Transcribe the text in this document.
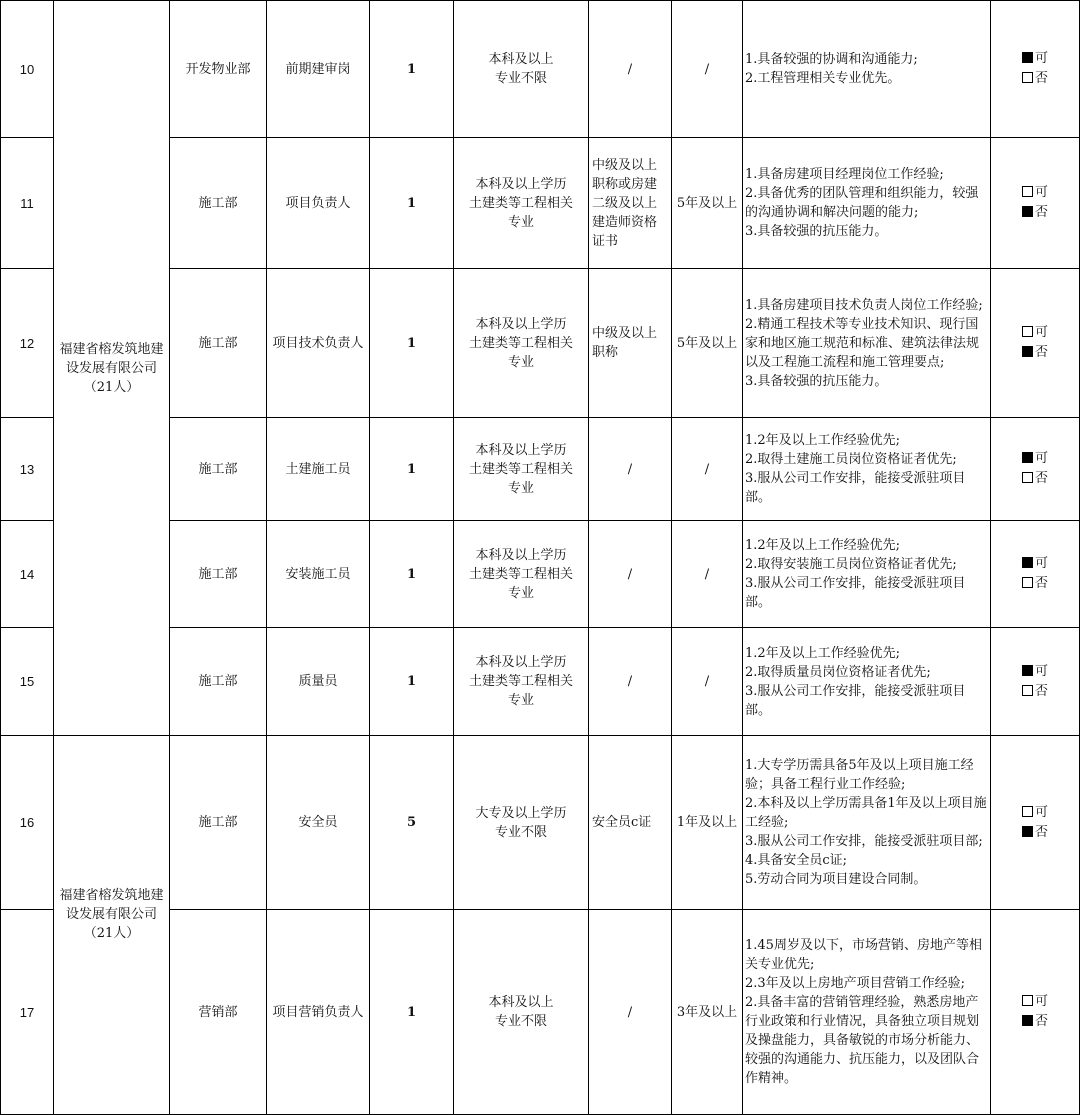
10	福建省榕发筑地建设发展有限公司
（21人）	开发物业部	前期建审岗	1	本科及以上
专业不限	/	/	1.具备较强的协调和沟通能力;
2.工程管理相关专业优先。	可
否

11		施工部	项目负责人	1	本科及以上学历
土建类等工程相关
专业	中级及以上职称或房建二级及以上建造师资格证书	5年及以上	1.具备房建项目经理岗位工作经验;
2.具备优秀的团队管理和组织能力，较强的沟通协调和解决问题的能力;
3.具备较强的抗压能力。	可
否

12		施工部	项目技术负责人	1	本科及以上学历
土建类等工程相关
专业	中级及以上职称	5年及以上	1.具备房建项目技术负责人岗位工作经验;
2.精通工程技术等专业技术知识、现行国家和地区施工规范和标准、建筑法律法规以及工程施工流程和施工管理要点;
3.具备较强的抗压能力。	可
否

13		施工部	土建施工员	1	本科及以上学历
土建类等工程相关
专业	/	/	1.2年及以上工作经验优先;
2.取得土建施工员岗位资格证者优先;
3.服从公司工作安排，能接受派驻项目部。	可
否

14		施工部	安装施工员	1	本科及以上学历
土建类等工程相关
专业	/	/	1.2年及以上工作经验优先;
2.取得安装施工员岗位资格证者优先;
3.服从公司工作安排，能接受派驻项目部。	可
否

15		施工部	质量员	1	本科及以上学历
土建类等工程相关
专业	/	/	1.2年及以上工作经验优先;
2.取得质量员岗位资格证者优先;
3.服从公司工作安排，能接受派驻项目部。	可
否

16	福建省榕发筑地建设发展有限公司
（21人）	施工部	安全员	5	大专及以上学历
专业不限	安全员c证	1年及以上	1.大专学历需具备5年及以上项目施工经验；具备工程行业工作经验;
2.本科及以上学历需具备1年及以上项目施工经验;
3.服从公司工作安排，能接受派驻项目部;
4.具备安全员c证;
5.劳动合同为项目建设合同制。	可
否

17		营销部	项目营销负责人	1	本科及以上
专业不限	/	3年及以上	1.45周岁及以下，市场营销、房地产等相关专业优先;
2.3年及以上房地产项目营销工作经验;
2.具备丰富的营销管理经验，熟悉房地产行业政策和行业情况，具备独立项目规划及操盘能力，具备敏锐的市场分析能力、较强的沟通能力、抗压能力，以及团队合作精神。	可
否
